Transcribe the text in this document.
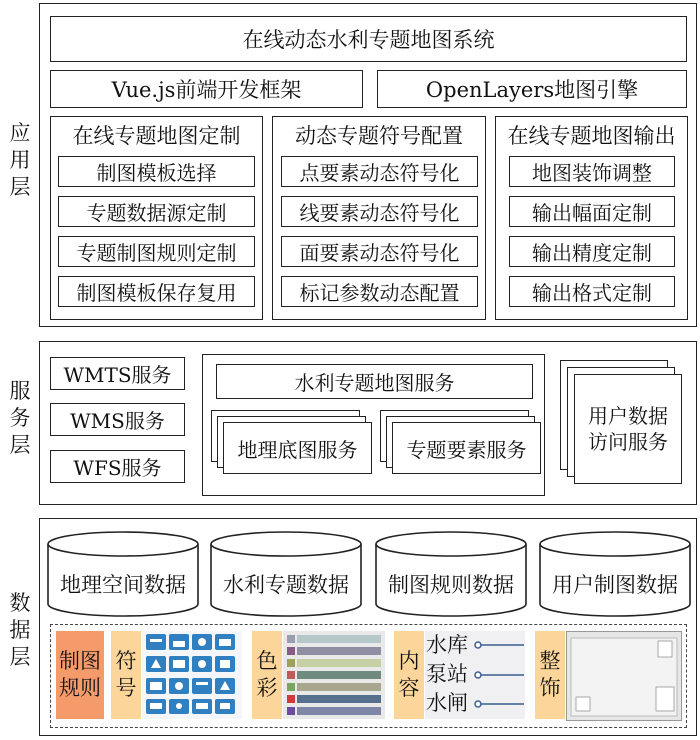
应
用
层
在线动态水利专题地图系统
Vue.js前端开发框架	OpenLayers地图引擎
在线专题地图定制
制图模板选择
专题数据源定制
专题制图规则定制
制图模板保存复用
动态专题符号配置
点要素动态符号化
线要素动态符号化
面要素动态符号化
标记参数动态配置
在线专题地图输出
地图装饰调整
输出幅面定制
输出精度定制
输出格式定制
服
务
层
WMTS服务
WMS服务
WFS服务
水利专题地图服务
地理底图服务	专题要素服务
用户数据
访问服务
数
据
层
地理空间数据	水利专题数据	制图规则数据	用户制图数据
制图
规则
符
号
色
彩
内
容
水库
泵站
水闸
整
饰
